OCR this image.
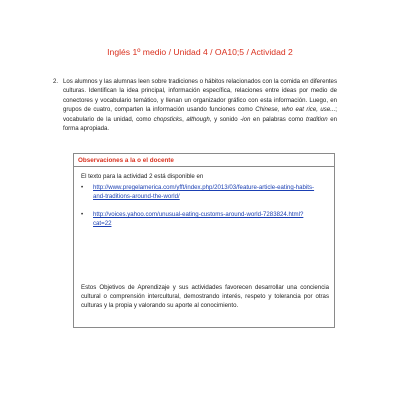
Inglés 1º medio / Unidad 4 / OA10;5 / Actividad 2
2. Los alumnos y las alumnas leen sobre tradiciones o hábitos relacionados con la comida en diferentes culturas. Identifican la idea principal, información específica, relaciones entre ideas por medio de conectores y vocabulario temático, y llenan un organizador gráfico con esta información. Luego, en grupos de cuatro, comparten la información usando funciones como Chinese, who eat rice, use...; vocabulario de la unidad, como chopsticks, although, y sonido -ion en palabras como tradition en forma apropiada.
Observaciones a la o el docente
El texto para la actividad 2 está disponible en
• http://www.pregelamerica.com/yfft/index.php/2013/03/feature-article-eating-habits-and-traditions-around-the-world/
• http://voices.yahoo.com/unusual-eating-customs-around-world-7283824.html?cat=22
Estos Objetivos de Aprendizaje y sus actividades favorecen desarrollar una conciencia cultural o comprensión intercultural, demostrando interés, respeto y tolerancia por otras culturas y la propia y valorando su aporte al conocimiento.
